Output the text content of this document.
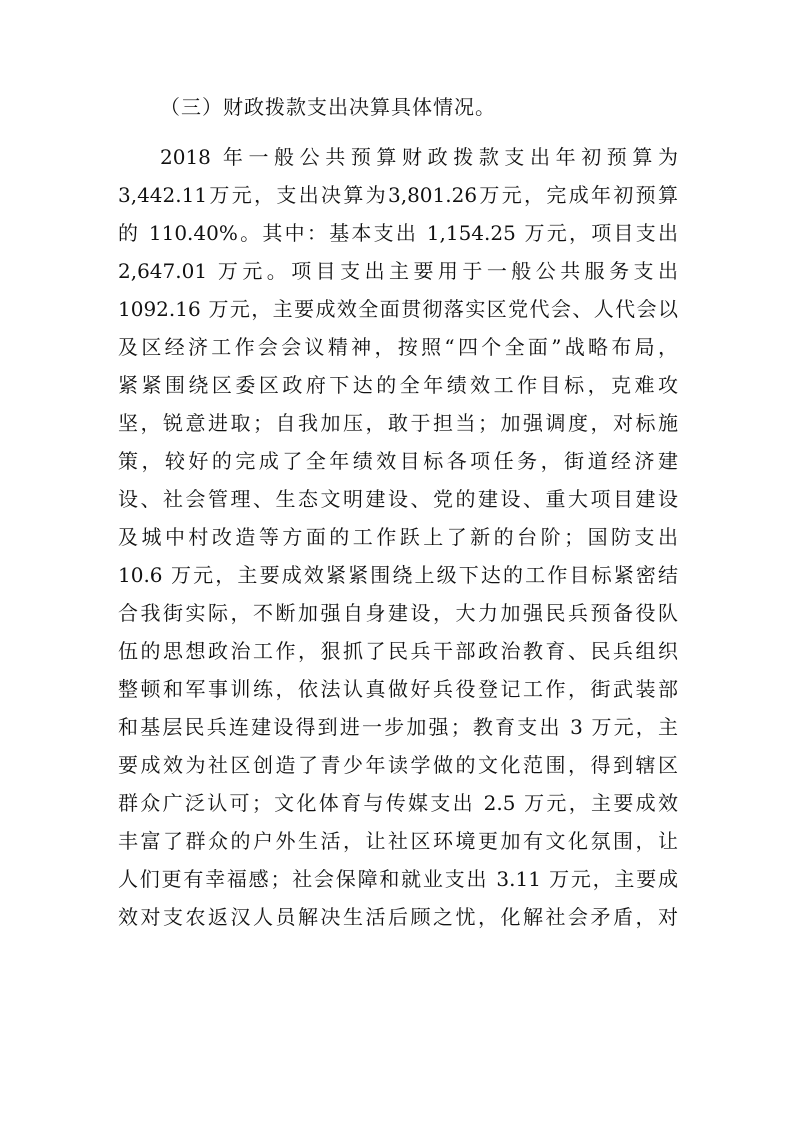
（三）财政拨款支出决算具体情况。
2018 年一般公共预算财政拨款支出年初预算为
3,442.11万元，支出决算为3,801.26万元，完成年初预算
的 110.40%。其中：基本支出 1,154.25 万元，项目支出
2,647.01 万元。项目支出主要用于一般公共服务支出
1092.16 万元，主要成效全面贯彻落实区党代会、人代会以
及区经济工作会会议精神，按照“四个全面”战略布局，
紧紧围绕区委区政府下达的全年绩效工作目标，克难攻
坚，锐意进取；自我加压，敢于担当；加强调度，对标施
策，较好的完成了全年绩效目标各项任务，街道经济建
设、社会管理、生态文明建设、党的建设、重大项目建设
及城中村改造等方面的工作跃上了新的台阶；国防支出
10.6 万元，主要成效紧紧围绕上级下达的工作目标紧密结
合我街实际，不断加强自身建设，大力加强民兵预备役队
伍的思想政治工作，狠抓了民兵干部政治教育、民兵组织
整顿和军事训练，依法认真做好兵役登记工作，街武装部
和基层民兵连建设得到进一步加强；教育支出 3 万元，主
要成效为社区创造了青少年读学做的文化范围，得到辖区
群众广泛认可；文化体育与传媒支出 2.5 万元，主要成效
丰富了群众的户外生活，让社区环境更加有文化氛围，让
人们更有幸福感；社会保障和就业支出 3.11 万元，主要成
效对支农返汉人员解决生活后顾之忧，化解社会矛盾，对
